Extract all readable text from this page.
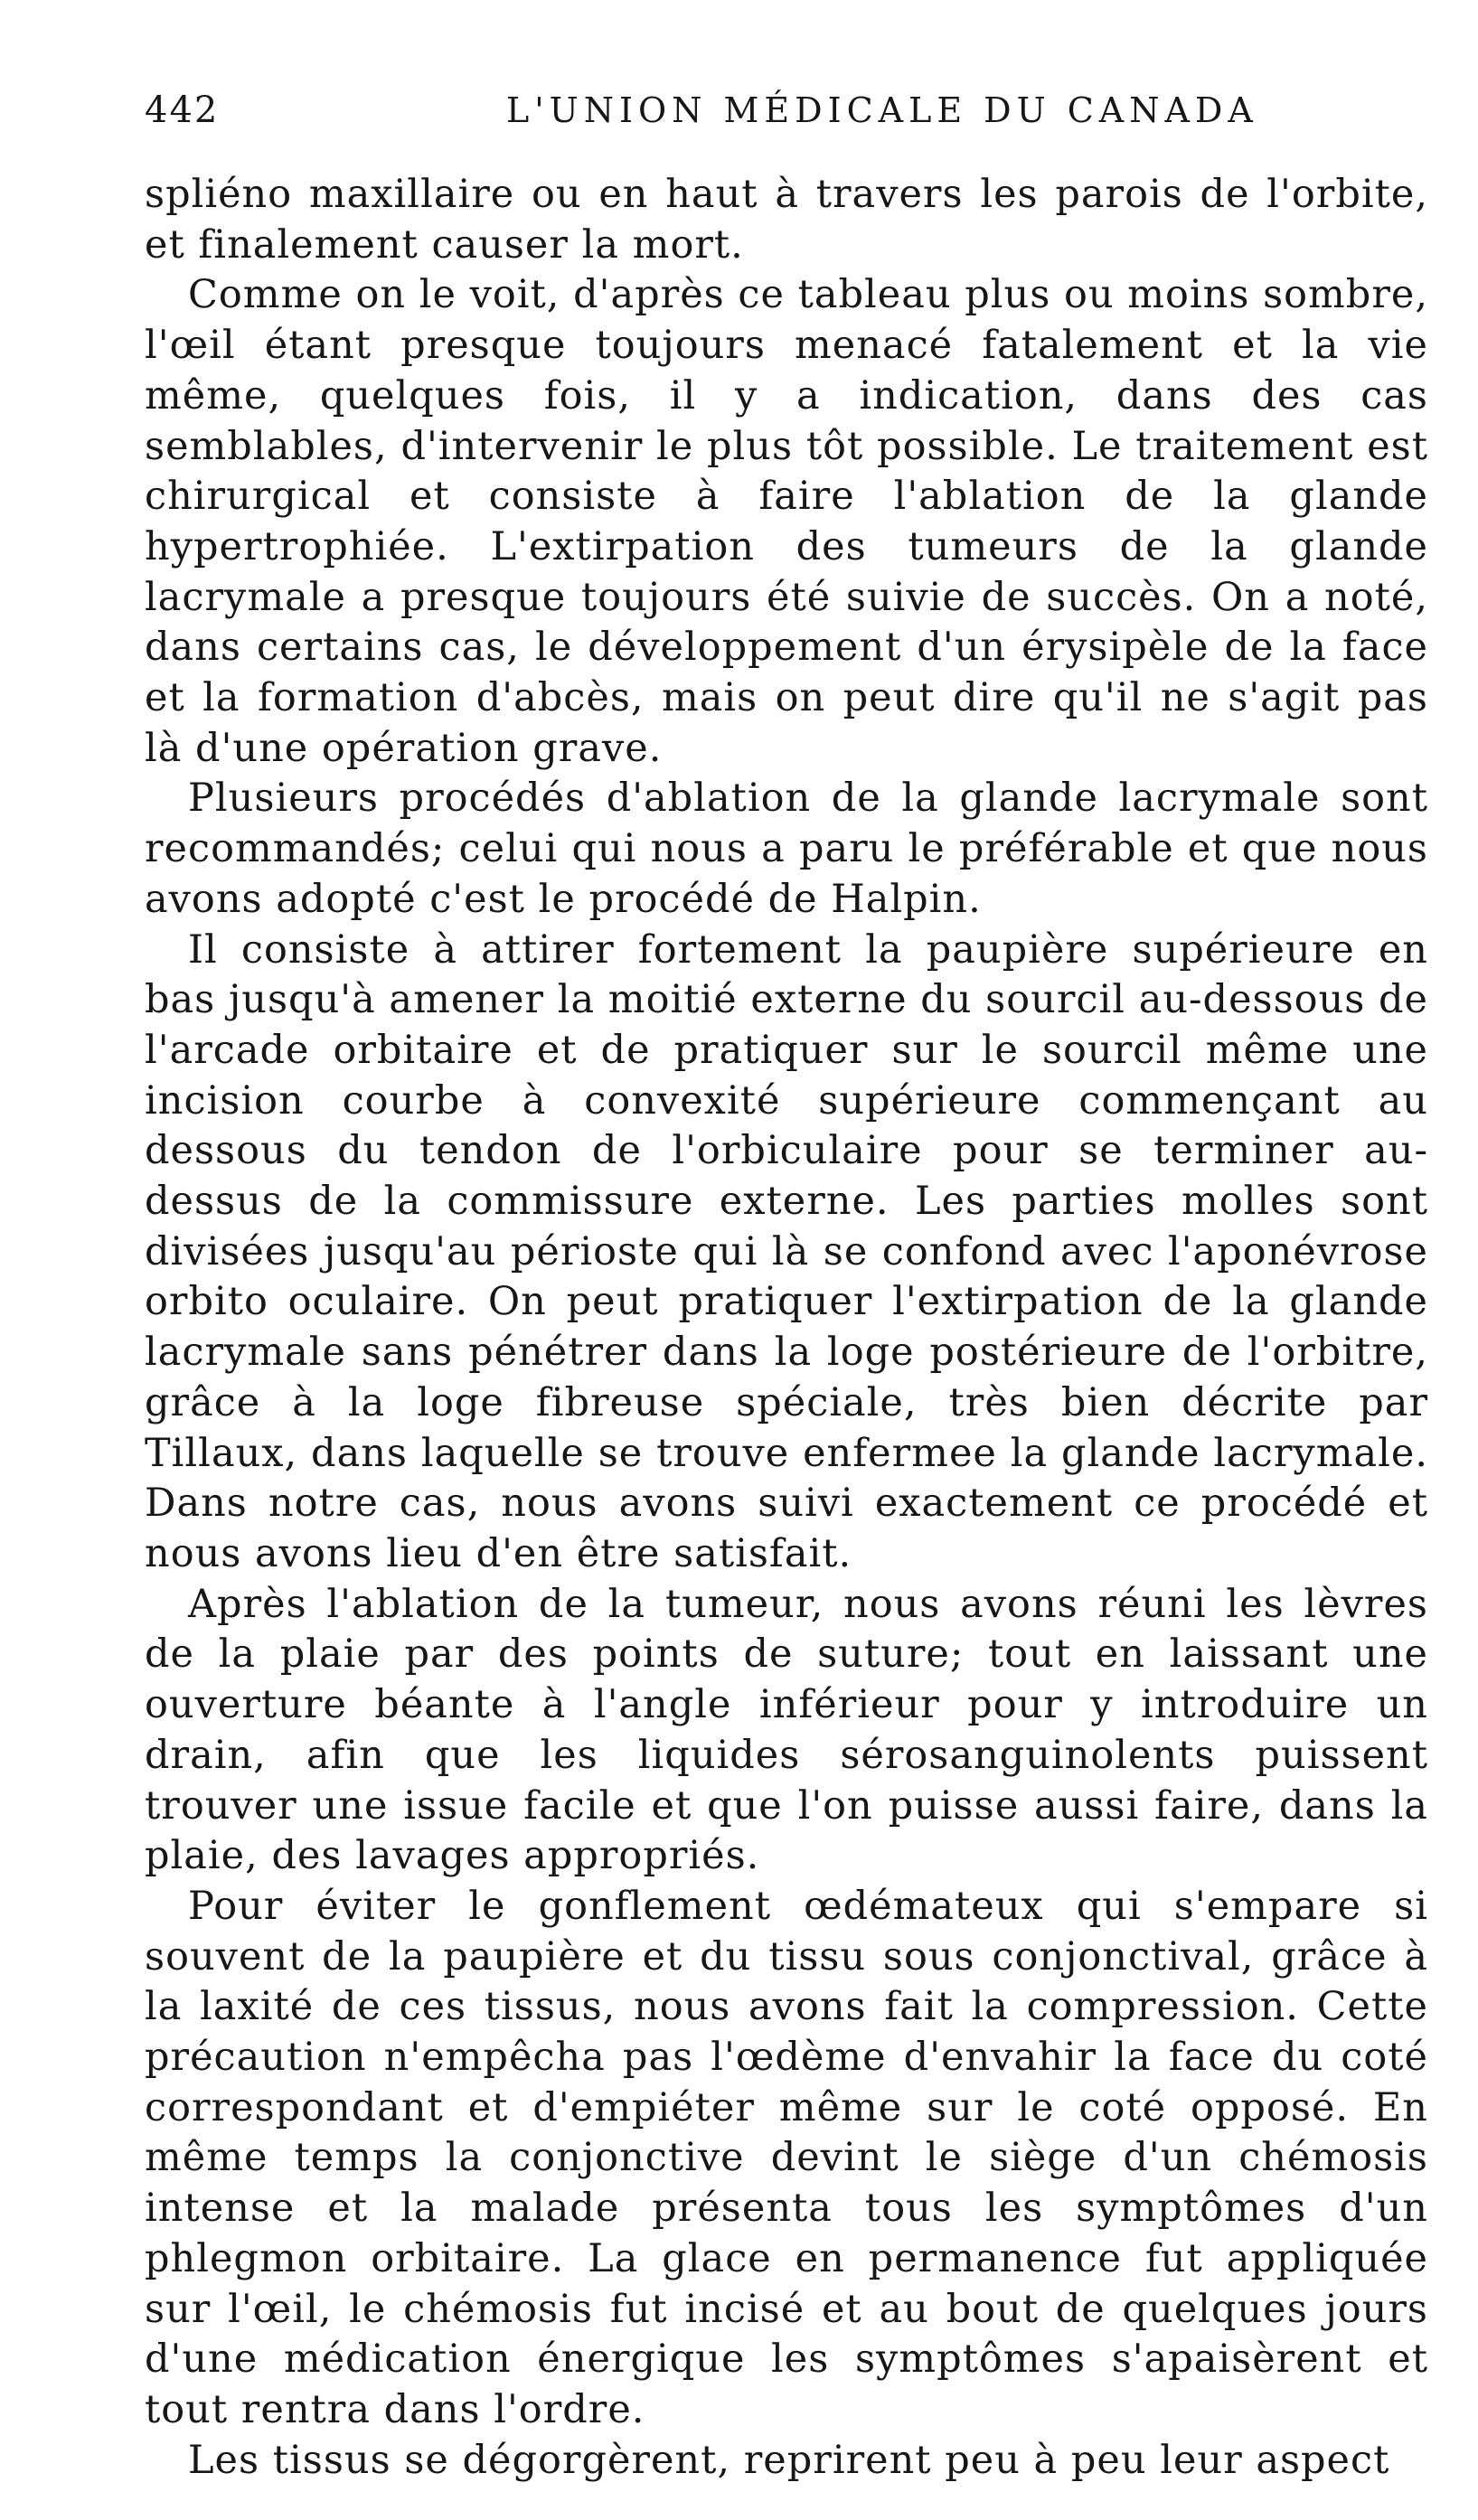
442	L'UNION MÉDICALE DU CANADA

spliéno maxillaire ou en haut à travers les parois de l'orbite, et finalement causer la mort.

Comme on le voit, d'après ce tableau plus ou moins sombre, l'œil étant presque toujours menacé fatalement et la vie même, quelques fois, il y a indication, dans des cas semblables, d'intervenir le plus tôt possible. Le traitement est chirurgical et consiste à faire l'ablation de la glande hypertrophiée. L'extirpation des tumeurs de la glande lacrymale a presque toujours été suivie de succès. On a noté, dans certains cas, le développement d'un érysipèle de la face et la formation d'abcès, mais on peut dire qu'il ne s'agit pas là d'une opération grave.

Plusieurs procédés d'ablation de la glande lacrymale sont recommandés; celui qui nous a paru le préférable et que nous avons adopté c'est le procédé de Halpin.

Il consiste à attirer fortement la paupière supérieure en bas jusqu'à amener la moitié externe du sourcil au-dessous de l'arcade orbitaire et de pratiquer sur le sourcil même une incision courbe à convexité supérieure commençant au dessous du tendon de l'orbiculaire pour se terminer au-dessus de la commissure externe. Les parties molles sont divisées jusqu'au périoste qui là se confond avec l'aponévrose orbito oculaire. On peut pratiquer l'extirpation de la glande lacrymale sans pénétrer dans la loge postérieure de l'orbitre, grâce à la loge fibreuse spéciale, très bien décrite par Tillaux, dans laquelle se trouve enfermee la glande lacrymale. Dans notre cas, nous avons suivi exactement ce procédé et nous avons lieu d'en être satisfait.

Après l'ablation de la tumeur, nous avons réuni les lèvres de la plaie par des points de suture; tout en laissant une ouverture béante à l'angle inférieur pour y introduire un drain, afin que les liquides sérosanguinolents puissent trouver une issue facile et que l'on puisse aussi faire, dans la plaie, des lavages appropriés.

Pour éviter le gonflement œdémateux qui s'empare si souvent de la paupière et du tissu sous conjonctival, grâce à la laxité de ces tissus, nous avons fait la compression. Cette précaution n'empêcha pas l'œdème d'envahir la face du coté correspondant et d'empiéter même sur le coté opposé. En même temps la conjonctive devint le siège d'un chémosis intense et la malade présenta tous les symptômes d'un phlegmon orbitaire. La glace en permanence fut appliquée sur l'œil, le chémosis fut incisé et au bout de quelques jours d'une médication énergique les symptômes s'apaisèrent et tout rentra dans l'ordre.

Les tissus se dégorgèrent, reprirent peu à peu leur aspect
